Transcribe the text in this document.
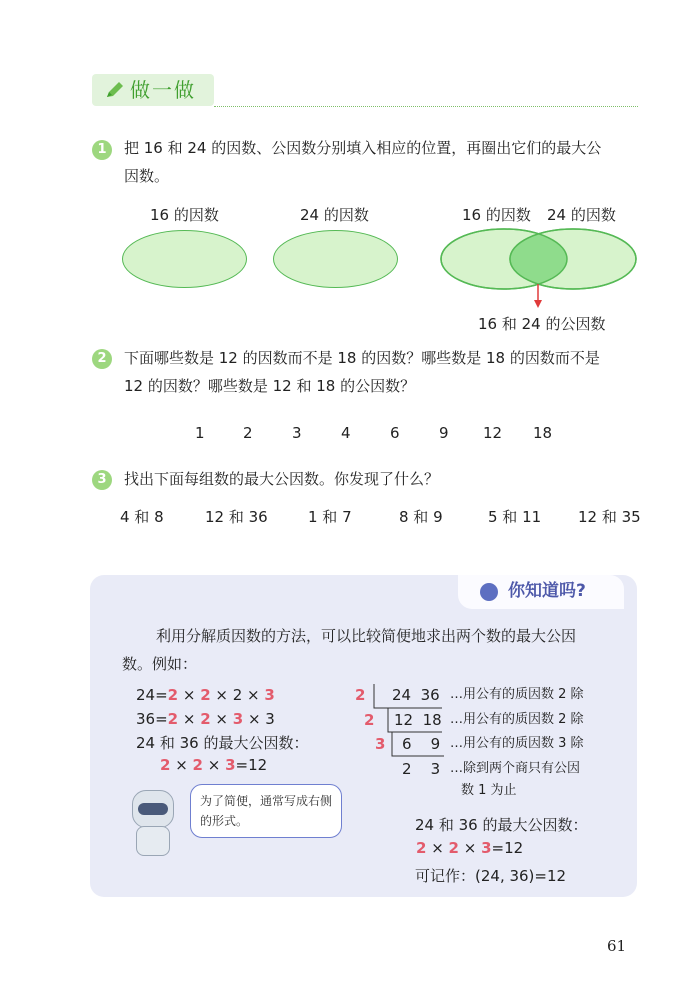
做一做
1	把 16 和 24 的因数、公因数分别填入相应的位置，再圈出它们的最大公
因数。
16 的因数	24 的因数	16 的因数 24 的因数
16 和 24 的公因数
2	下面哪些数是 12 的因数而不是 18 的因数？哪些数是 18 的因数而不是
12 的因数？哪些数是 12 和 18 的公因数？
1	2	3	4	6	9 12 18
3	找出下面每组数的最大公因数。你发现了什么？
4 和 8	12 和 36	1 和 7	8 和 9	5 和 11 12 和 35
你知道吗?
利用分解质因数的方法，可以比较简便地求出两个数的最大公因
数。例如：
24=2 × 2 × 2 × 3
36=2 × 2 × 3 × 3
24 和 36 的最大公因数：
2 × 2 × 3=12
2 24  36 …用公有的质因数 2 除
2 12  18 …用公有的质因数 2 除
3 6    9 …用公有的质因数 3 除
2    3 …除到两个商只有公因
数 1 为止
24 和 36 的最大公因数：
2 × 2 × 3=12
可记作：(24, 36)=12
为了简便，通常写成右侧的形式。
61
